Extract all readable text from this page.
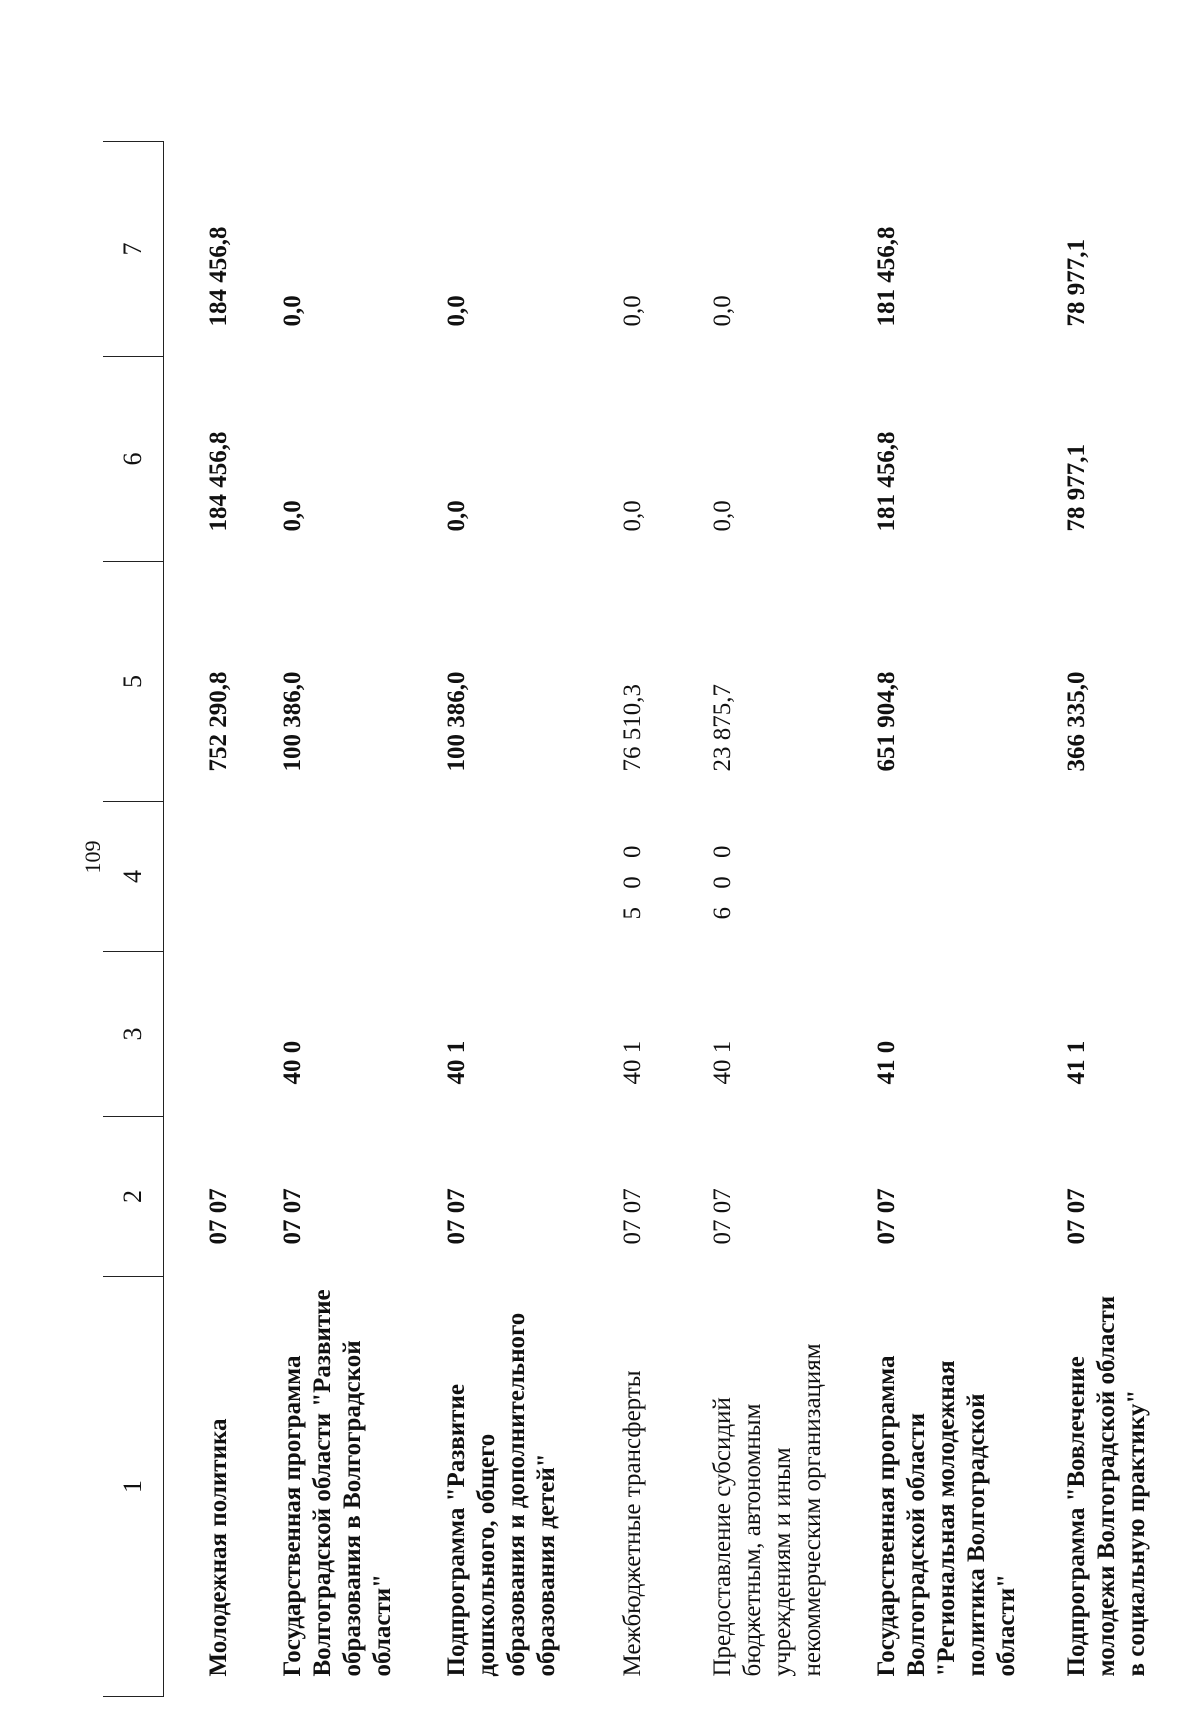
109
1	2	3	4	5	6	7
Молодежная политика	07 07			752 290,8	184 456,8	184 456,8
Государственная программа Волгоградской области "Развитие образования в Волгоградской области"	07 07	40 0		100 386,0	0,0	0,0
Подпрограмма "Развитие дошкольного, общего образования и дополнительного образования детей"	07 07	40 1		100 386,0	0,0	0,0
Межбюджетные трансферты	07 07	40 1	5 0 0	76 510,3	0,0	0,0
Предоставление субсидий бюджетным, автономным учреждениям и иным некоммерческим организациям	07 07	40 1	6 0 0	23 875,7	0,0	0,0
Государственная программа Волгоградской области "Региональная молодежная политика Волгоградской области"	07 07	41 0		651 904,8	181 456,8	181 456,8
Подпрограмма "Вовлечение молодежи Волгоградской области в социальную практику"	07 07	41 1		366 335,0	78 977,1	78 977,1
